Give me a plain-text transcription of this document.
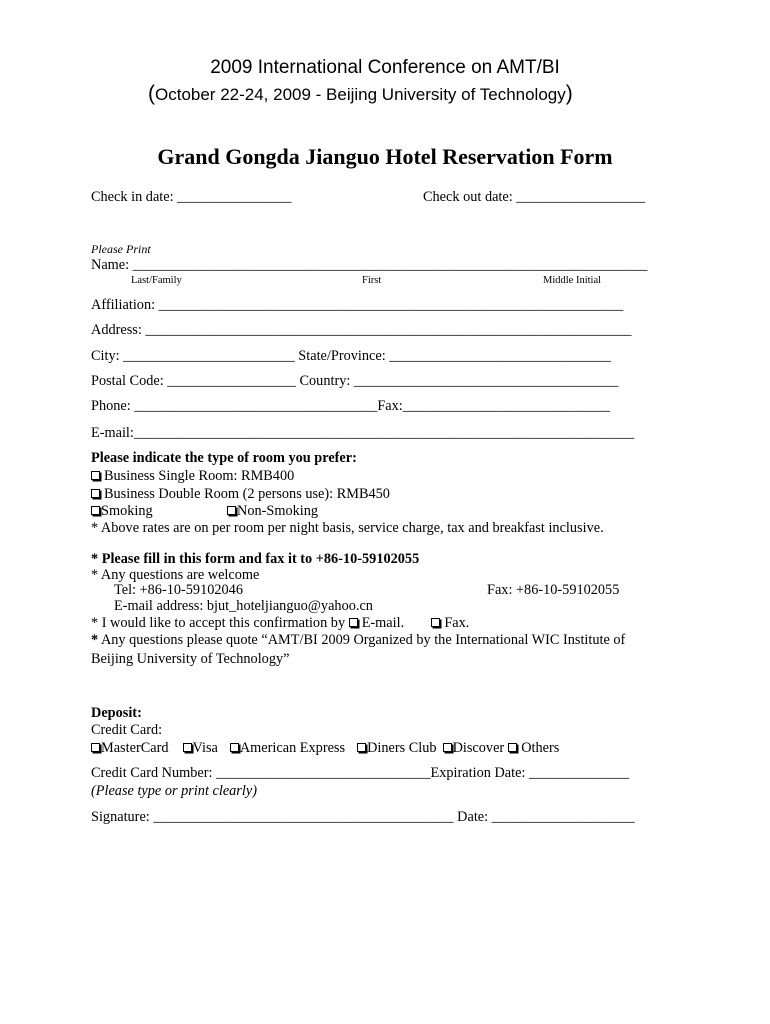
2009 International Conference on AMT/BI
(October 22-24, 2009 - Beijing University of Technology)
Grand Gongda Jianguo Hotel Reservation Form
Check in date: ________________	Check out date: __________________
Please Print
Name: ________________________________________________________________________
Last/Family	First	Middle Initial
Affiliation: _________________________________________________________________
Address: ____________________________________________________________________
City: ________________________ State/Province: _______________________________
Postal Code: __________________ Country: _____________________________________
Phone: __________________________________Fax:_____________________________
E-mail:______________________________________________________________________
Please indicate the type of room you prefer:
Business Single Room: RMB400
Business Double Room (2 persons use): RMB450
Smoking	Non-Smoking
* Above rates are on per room per night basis, service charge, tax and breakfast inclusive.
* Please fill in this form and fax it to +86-10-59102055
* Any questions are welcome
Tel: +86-10-59102046	Fax: +86-10-59102055
E-mail address: bjut_hoteljianguo@yahoo.cn
* I would like to accept this confirmation by E-mail.	Fax.
* Any questions please quote “AMT/BI 2009 Organized by the International WIC Institute of
Beijing University of Technology”
Deposit:
Credit Card:
MasterCard Visa American Express Diners Club Discover Others
Credit Card Number: ______________________________Expiration Date: ______________
(Please type or print clearly)
Signature: __________________________________________ Date: ____________________
